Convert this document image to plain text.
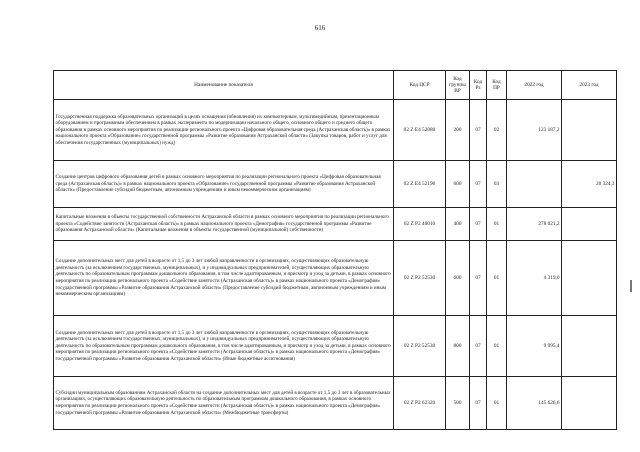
616
Наименование показателя	Код ЦСР	Код группы ВР	Код Рз	Код ПР	2022 год	2023 год
Государственная поддержка образовательных организаций в целях оснащения (обновления) их компьютерным, мультимедийным, презентационным оборудованием и программным обеспечением в рамках эксперимента по модернизации начального общего, основного общего и среднего общего образования в рамках основного мероприятия по реализации регионального проекта «Цифровая образовательная среда (Астраханская область)» в рамках национального проекта «Образование» государственной программы «Развитие образования Астраханской области» (Закупка товаров, работ и услуг для обеспечения государственных (муниципальных) нужд)	02 Z E4 52080	200	07	02	123 187,2	
Создание центров цифрового образования детей в рамках основного мероприятия по реализации регионального проекта «Цифровая образовательная среда (Астраханская область)» в рамках национального проекта «Образование» государственной программы «Развитие образования Астраханской области» (Предоставление субсидий бюджетным, автономным учреждениям и иным некоммерческим организациям)	02 Z E4 52190	600	07	03		20 324,3
Капитальные вложения в объекты государственной собственности Астраханской области в рамках основного мероприятия по реализации регионального проекта «Содействие занятости (Астраханская область)» в рамках национального проекта «Демография» государственной программы «Развитие образования Астраханской области» (Капитальные вложения в объекты государственной (муниципальной) собственности)	02 Z P2 40010	400	07	01	278 021,2	
Создание дополнительных мест для детей в возрасте от 1,5 до 3 лет любой направленности в организациях, осуществляющих образовательную деятельность (за исключением государственных, муниципальных), и у индивидуальных предпринимателей, осуществляющих образовательную деятельность по образовательным программам дошкольного образования, в том числе адаптированным, и присмотр и уход за детьми, в рамках основного мероприятия по реализации регионального проекта «Содействие занятости (Астраханская область)» в рамках национального проекта «Демография» государственной программы «Развитие образования Астраханской области» (Предоставление субсидий бюджетным, автономным учреждениям и иным некоммерческим организациям)	02 Z P2 52530	600	07	01	4 319,0	
Создание дополнительных мест для детей в возрасте от 1,5 до 3 лет любой направленности в организациях, осуществляющих образовательную деятельность (за исключением государственных, муниципальных), и у индивидуальных предпринимателей, осуществляющих образовательную деятельность по образовательным программам дошкольного образования, в том числе адаптированным, и присмотр и уход за детьми, в рамках основного мероприятия по реализации регионального проекта «Содействие занятости (Астраханская область)» в рамках национального проекта «Демография» государственной программы «Развитие образования Астраханской области» (Иные бюджетные ассигнования)	02 Z P2 52530	800	07	01	9 995,4	
Субсидии муниципальным образованиям Астраханской области на создание дополнительных мест для детей в возрасте от 1,5 до 3 лет в образовательных организациях, осуществляющих образовательную деятельность по образовательным программам дошкольного образования, в рамках основного мероприятия по реализации регионального проекта «Содействие занятости (Астраханская область)» в рамках национального проекта «Демография» государственной программы «Развитие образования Астраханской области» (Межбюджетные трансферты)	02 Z P2 62320	500	07	01	145 626,6	
